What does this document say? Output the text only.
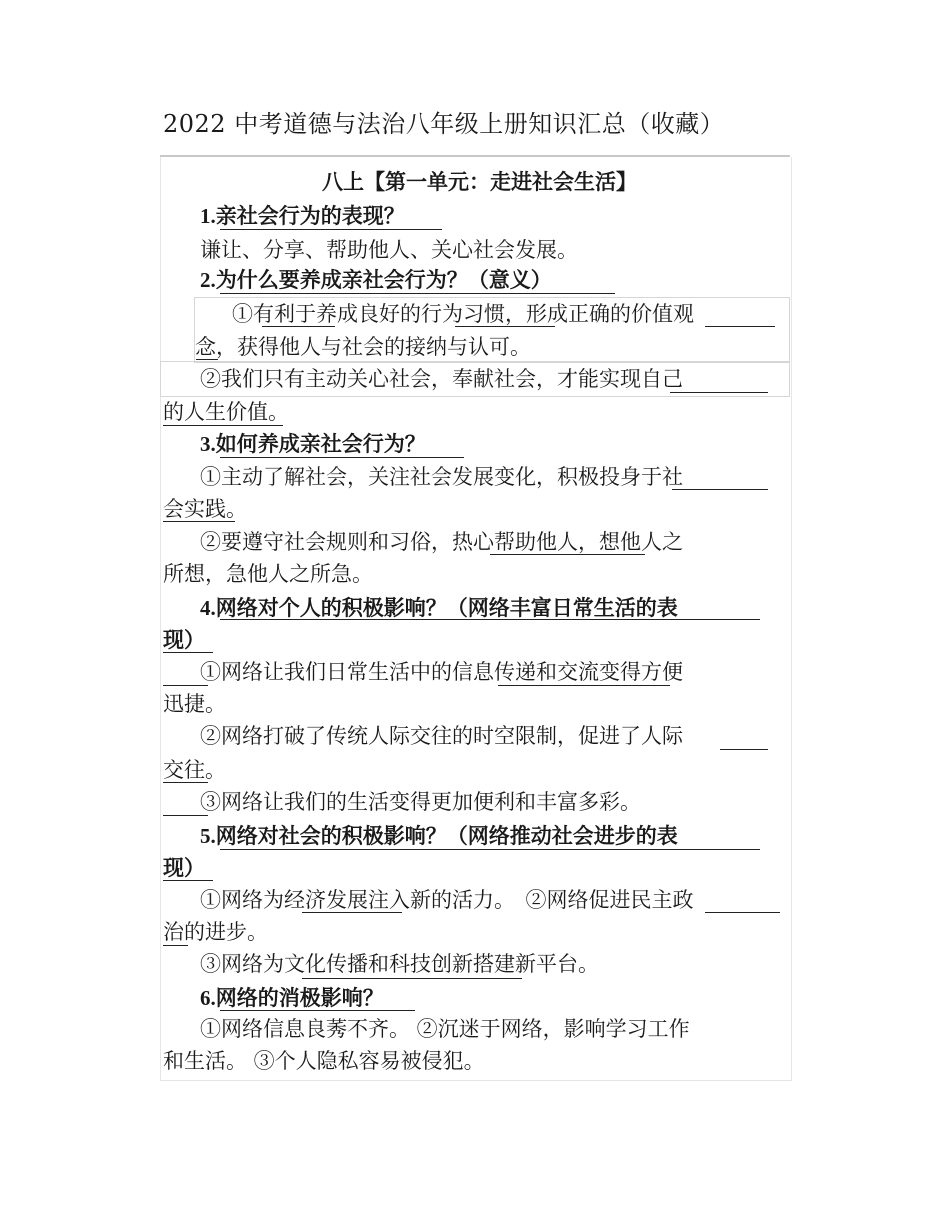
2022 中考道德与法治八年级上册知识汇总（收藏）
八上【第一单元：走进社会生活】
1.亲社会行为的表现？
谦让、分享、帮助他人、关心社会发展。
2.为什么要养成亲社会行为？（意义）
①有利于养成良好的行为习惯，形成正确的价值观
念，获得他人与社会的接纳与认可。
②我们只有主动关心社会，奉献社会，才能实现自己
的人生价值。
3.如何养成亲社会行为？
①主动了解社会，关注社会发展变化，积极投身于社
会实践。
②要遵守社会规则和习俗，热心帮助他人，想他人之
所想，急他人之所急。
4.网络对个人的积极影响？（网络丰富日常生活的表
现）
①网络让我们日常生活中的信息传递和交流变得方便
迅捷。
②网络打破了传统人际交往的时空限制，促进了人际
交往。
③网络让我们的生活变得更加便利和丰富多彩。
5.网络对社会的积极影响？（网络推动社会进步的表
现）
①网络为经济发展注入新的活力。　②网络促进民主政
治的进步。
③网络为文化传播和科技创新搭建新平台。
6.网络的消极影响？
①网络信息良莠不齐。 ②沉迷于网络，影响学习工作
和生活。 ③个人隐私容易被侵犯。
